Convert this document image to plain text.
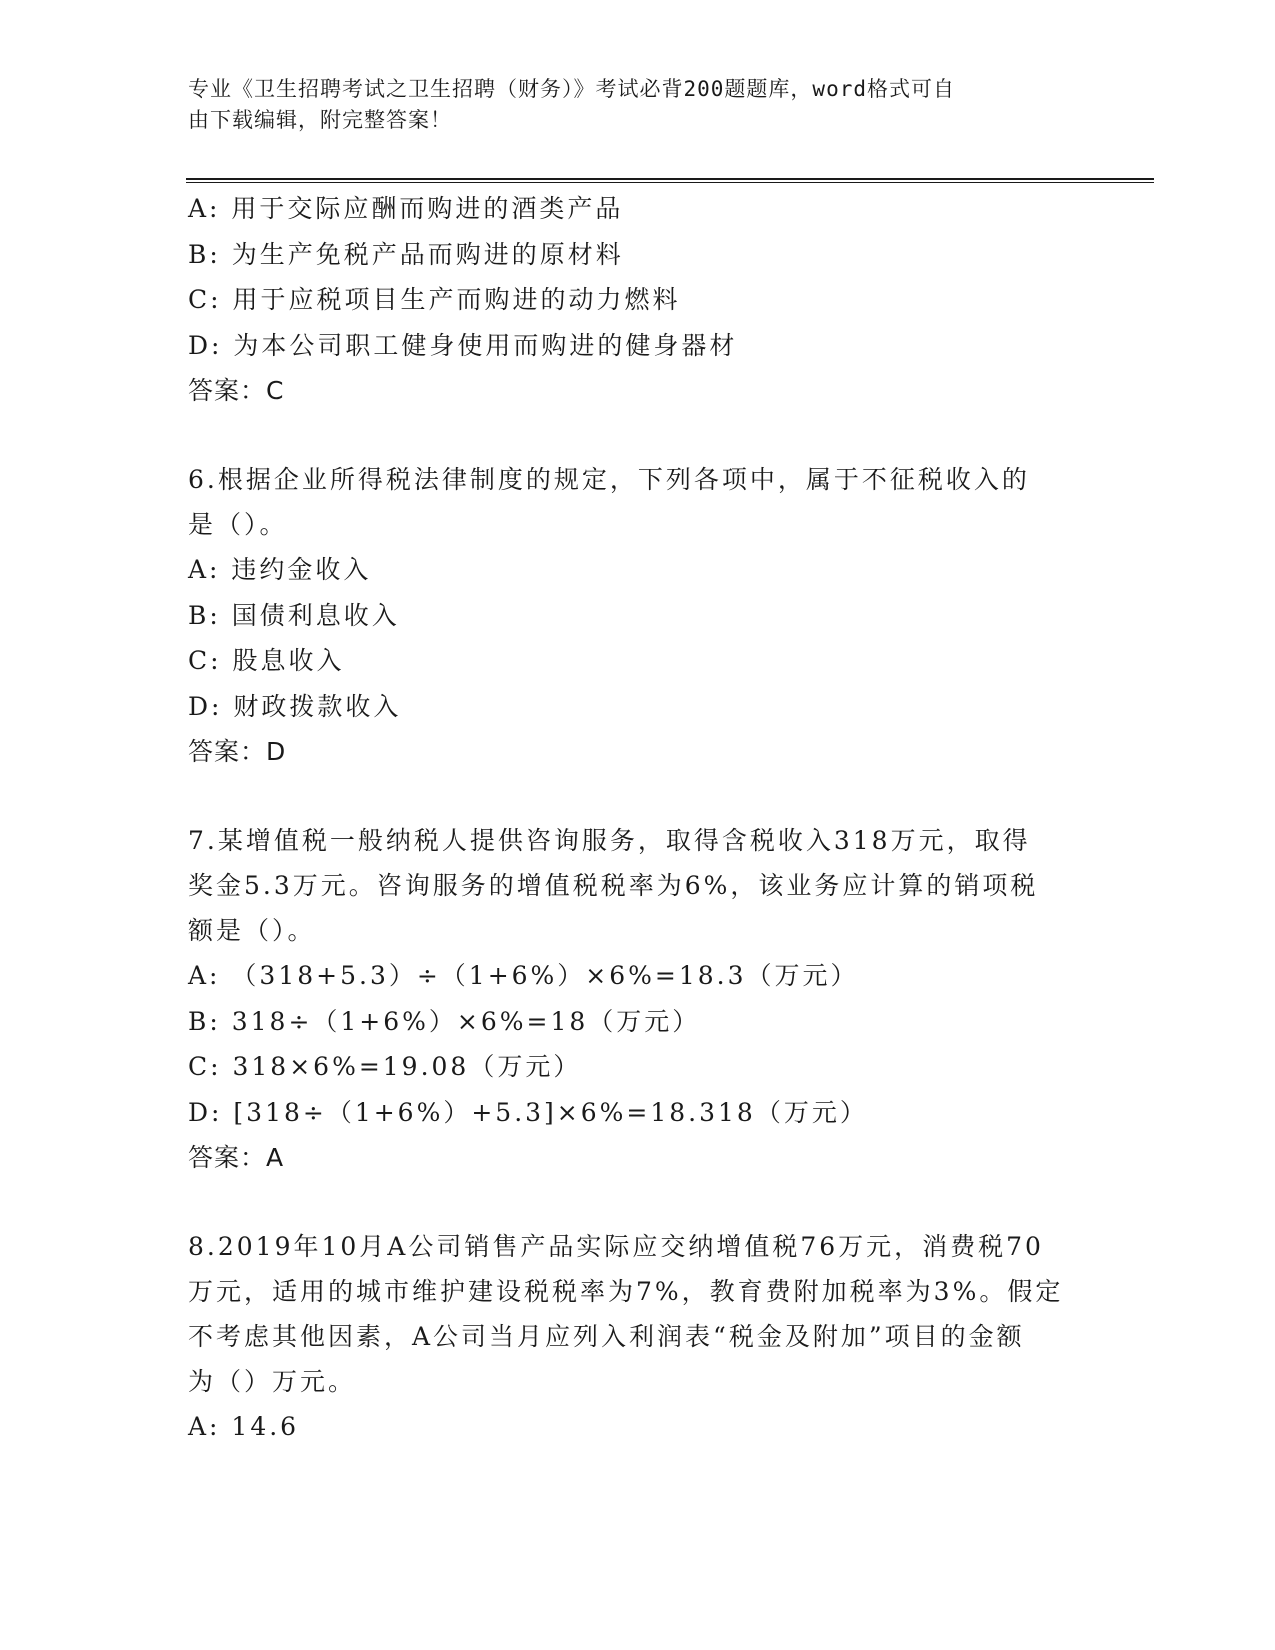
专业《卫生招聘考试之卫生招聘（财务）》考试必背200题题库，word格式可自
由下载编辑，附完整答案！
A: 用于交际应酬而购进的酒类产品
B: 为生产免税产品而购进的原材料
C: 用于应税项目生产而购进的动力燃料
D: 为本公司职工健身使用而购进的健身器材
答案：C
6.根据企业所得税法律制度的规定，下列各项中，属于不征税收入的
是（）。
A: 违约金收入
B: 国债利息收入
C: 股息收入
D: 财政拨款收入
答案：D
7.某增值税一般纳税人提供咨询服务，取得含税收入318万元，取得
奖金5.3万元。咨询服务的增值税税率为6%，该业务应计算的销项税
额是（）。
A: （318+5.3）÷（1+6%）×6%=18.3（万元）
B: 318÷（1+6%）×6%=18（万元）
C: 318×6%=19.08（万元）
D: [318÷（1+6%）+5.3]×6%=18.318（万元）
答案：A
8.2019年10月A公司销售产品实际应交纳增值税76万元，消费税70
万元，适用的城市维护建设税税率为7%，教育费附加税率为3%。假定
不考虑其他因素，A公司当月应列入利润表“税金及附加”项目的金额
为（）万元。
A: 14.6
